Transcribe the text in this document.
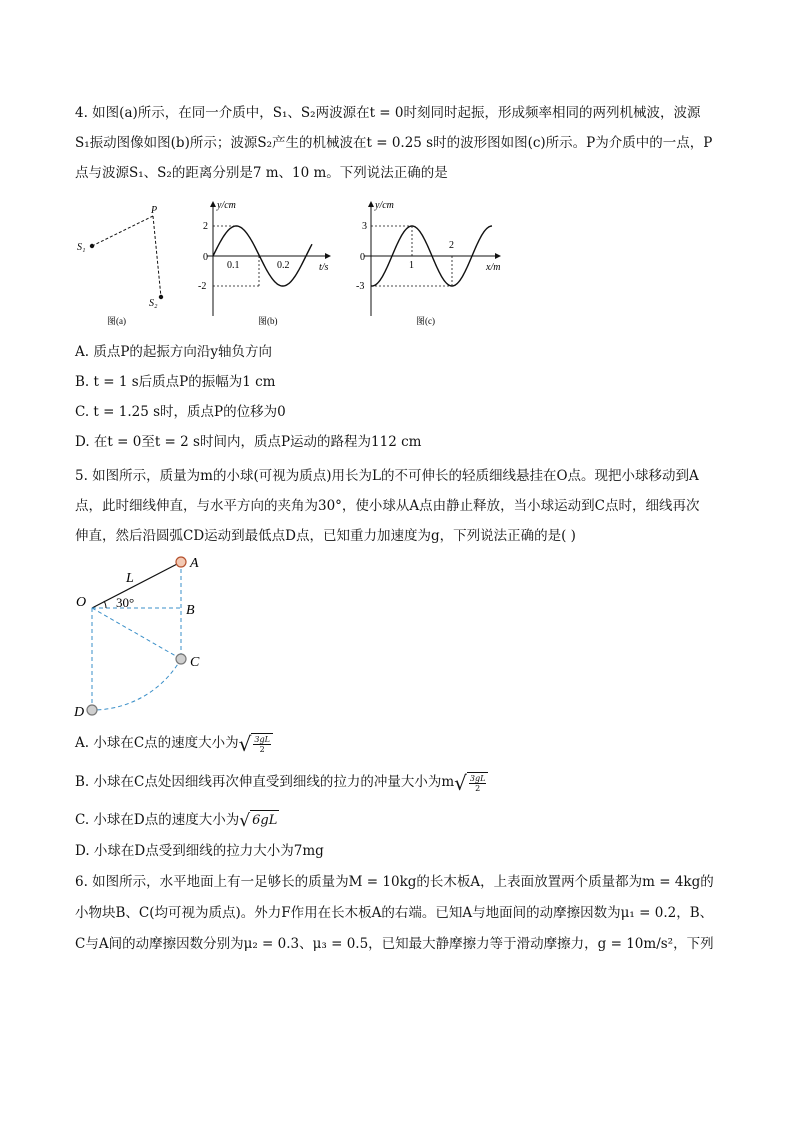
4. 如图(a)所示，在同一介质中，S₁、S₂两波源在t = 0时刻同时起振，形成频率相同的两列机械波，波源
S₁振动图像如图(b)所示；波源S₂产生的机械波在t = 0.25 s时的波形图如图(c)所示。P为介质中的一点，P
点与波源S₁、S₂的距离分别是7 m、10 m。下列说法正确的是
S₁
S₂
P
图(a)
y/cm
t/s
0
2
-2
0.1	0.2
图(b)
y/cm
x/m
0
3
-3
1
2
图(c)
A. 质点P的起振方向沿y轴负方向
B. t = 1 s后质点P的振幅为1 cm
C. t = 1.25 s时，质点P的位移为0
D. 在t = 0至t = 2 s时间内，质点P运动的路程为112 cm
5. 如图所示，质量为m的小球(可视为质点)用长为L的不可伸长的轻质细线悬挂在O点。现把小球移动到A
点，此时细线伸直，与水平方向的夹角为30°，使小球从A点由静止释放，当小球运动到C点时，细线再次
伸直，然后沿圆弧CD运动到最低点D点，已知重力加速度为g，下列说法正确的是( )
O
L
A
B
C
D
30°
A. 小球在C点的速度大小为√ $\frac{3gL}{2}$
B. 小球在C点处因细线再次伸直受到细线的拉力的冲量大小为$m√ \frac{3gL}{2}$
C. 小球在D点的速度大小为√ 6gL
D. 小球在D点受到细线的拉力大小为7mg
6. 如图所示，水平地面上有一足够长的质量为M = 10kg的长木板A，上表面放置两个质量都为m = 4kg的
小物块B、C(均可视为质点)。外力F作用在长木板A的右端。已知A与地面间的动摩擦因数为μ₁ = 0.2，B、
C与A间的动摩擦因数分别为μ₂ = 0.3、μ₃ = 0.5，已知最大静摩擦力等于滑动摩擦力，g = 10m/s²，下列
